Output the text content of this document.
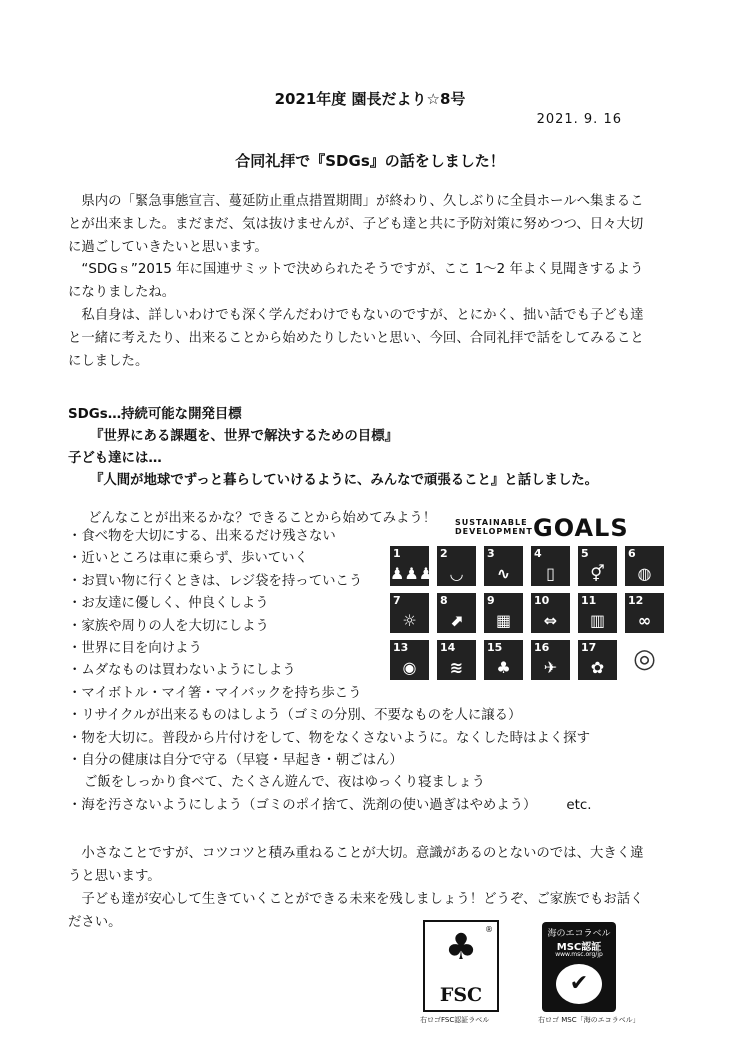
2021年度 園長だより☆8号
2021. 9. 16
合同礼拝で『SDGs』の話をしました！

県内の「緊急事態宣言、蔓延防止重点措置期間」が終わり、久しぶりに全員ホールへ集まることが出来ました。まだまだ、気は抜けませんが、子ども達と共に予防対策に努めつつ、日々大切に過ごしていきたいと思います。

“SDGｓ”2015 年に国連サミットで決められたそうですが、ここ 1～2 年よく見聞きするようになりましたね。

私自身は、詳しいわけでも深く学んだわけでもないのですが、とにかく、拙い話でも子ども達と一緒に考えたり、出来ることから始めたりしたいと思い、今回、合同礼拝で話をしてみることにしました。

SDGs…持続可能な開発目標

『世界にある課題を、世界で解決するための目標』

子ども達には…

『人間が地球でずっと暮らしていけるように、みんなで頑張ること』と話しました。

どんなことが出来るかな？できることから始めてみよう！

・食べ物を大切にする、出来るだけ残さない
・近いところは車に乗らず、歩いていく
・お買い物に行くときは、レジ袋を持っていこう
・お友達に優しく、仲良くしよう
・家族や周りの人を大切にしよう
・世界に目を向けよう
・ムダなものは買わないようにしよう
・マイボトル・マイ箸・マイバックを持ち歩こう
・リサイクルが出来るものはしよう（ゴミの分別、不要なものを人に譲る）
・物を大切に。普段から片付けをして、物をなくさないように。なくした時はよく探す
・自分の健康は自分で守る（早寝・早起き・朝ごはん）
ご飯をしっかり食べて、たくさん遊んで、夜はゆっくり寝ましょう
・海を汚さないようにしよう（ゴミのポイ捨て、洗剤の使い過ぎはやめよう） etc.

小さなことですが、コツコツと積み重ねることが大切。意識があるのとないのでは、大きく違うと思います。

子ども達が安心して生きていくことができる未来を残しましょう！どうぞ、ご家族でもお話ください。

SUSTAINABLE
DEVELOPMENT GOALS
1
♟♟♟
2
◡
3
∿
4
▯
5
⚥
6
◍
7
☼
8
⬈
9
▦
10
⇔
11
▥
12
∞
13
◉
14
≋
15
♣
16
✈
17
✿	◎
®
♣
FSC
海のエコラベル
MSC認証
www.msc.org/jp
✔
右ロゴFSC認証ラベル	右ロゴ MSC「海のエコラベル」
